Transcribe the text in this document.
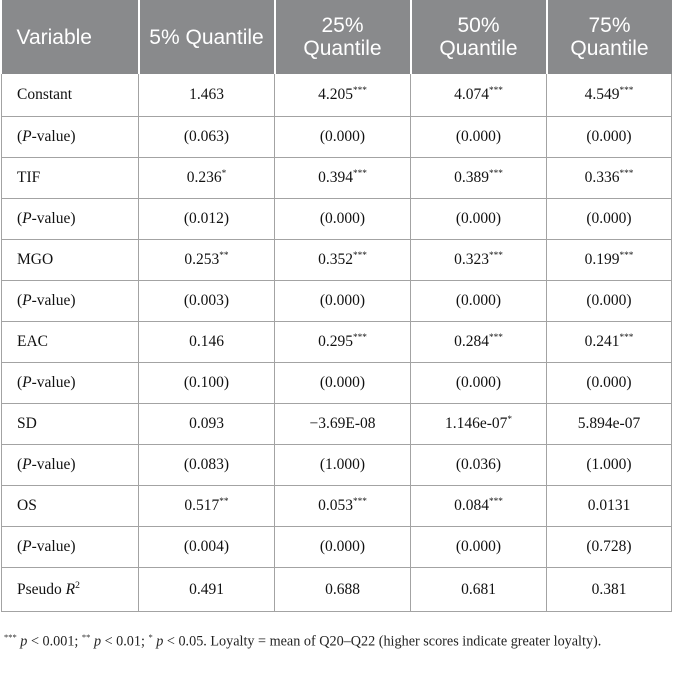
Variable	5% Quantile	25% Quantile	50% Quantile	75% Quantile
Constant	1.463	4.205***	4.074***	4.549***
(P-value)	(0.063)	(0.000)	(0.000)	(0.000)
TIF	0.236*	0.394***	0.389***	0.336***
(P-value)	(0.012)	(0.000)	(0.000)	(0.000)
MGO	0.253**	0.352***	0.323***	0.199***
(P-value)	(0.003)	(0.000)	(0.000)	(0.000)
EAC	0.146	0.295***	0.284***	0.241***
(P-value)	(0.100)	(0.000)	(0.000)	(0.000)
SD	0.093	−3.69E-08	1.146e-07*	5.894e-07
(P-value)	(0.083)	(1.000)	(0.036)	(1.000)
OS	0.517**	0.053***	0.084***	0.0131
(P-value)	(0.004)	(0.000)	(0.000)	(0.728)
Pseudo $R^2$	0.491	0.688	0.681	0.381
*** p < 0.001; ** p < 0.01; * p < 0.05. Loyalty = mean of Q20–Q22 (higher scores indicate greater loyalty).
